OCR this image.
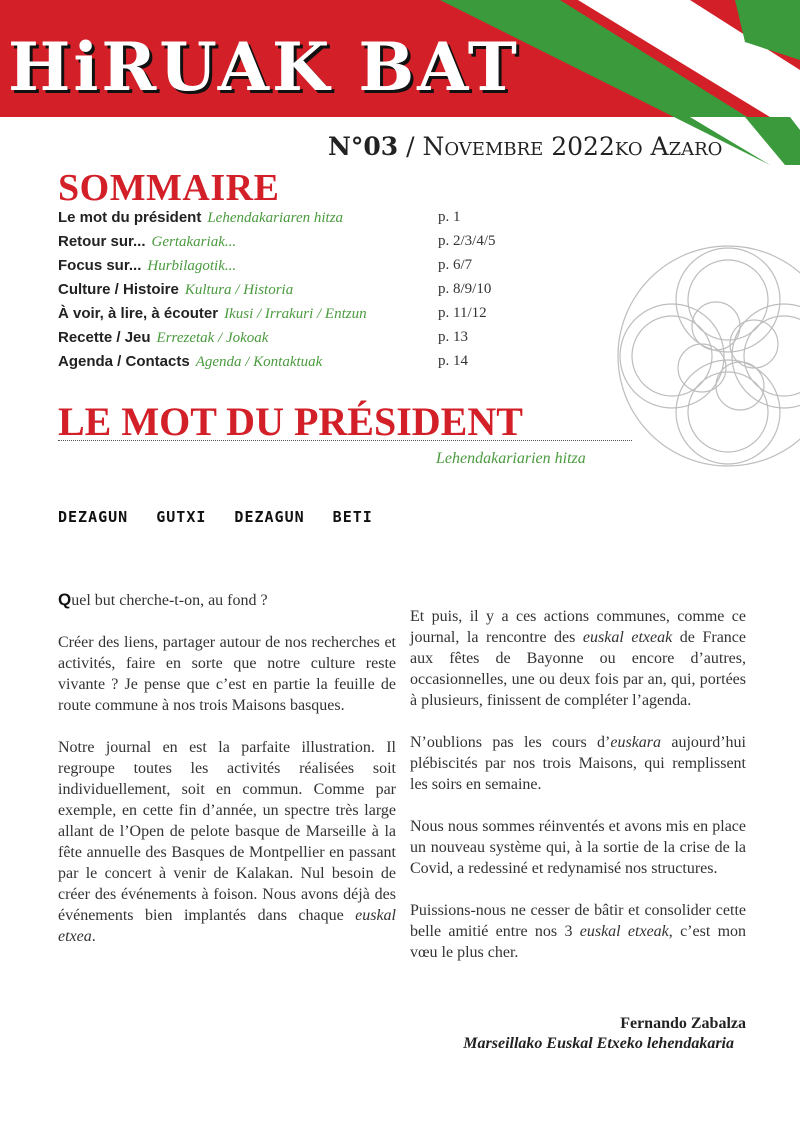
HiRUAK BAT
N°03 / Novembre 2022ko Azaro
SOMMAIRE
Le mot du président Lehendakariaren hitza	p. 1
Retour sur... Gertakariak...	p. 2/3/4/5
Focus sur... Hurbilagotik...	p. 6/7
Culture / Histoire Kultura / Historia	p. 8/9/10
À voir, à lire, à écouter Ikusi / Irrakuri / Entzun	p. 11/12
Recette / Jeu Errezetak / Jokoak	p. 13
Agenda / Contacts Agenda / Kontaktuak	p. 14
LE MOT DU PRÉSIDENT
Lehendakariarien hitza
DEZAGUN GUTXI DEZAGUN BETI

Quel but cherche-t-on, au fond ?

Créer des liens, partager autour de nos recherches et activités, faire en sorte que notre culture reste vivante ? Je pense que c’est en partie la feuille de route commune à nos trois Maisons basques.

Notre journal en est la parfaite illustration. Il regroupe toutes les activités réalisées soit individuellement, soit en commun. Comme par exemple, en cette fin d’année, un spectre très large allant de l’Open de pelote basque de Marseille à la fête annuelle des Basques de Montpellier en passant par le concert à venir de Kalakan. Nul besoin de créer des événements à foison. Nous avons déjà des événements bien implantés dans chaque euskal etxea.

Et puis, il y a ces actions communes, comme ce journal, la rencontre des euskal etxeak de France aux fêtes de Bayonne ou encore d’autres, occasionnelles, une ou deux fois par an, qui, portées à plusieurs, finissent de compléter l’agenda.

N’oublions pas les cours d’euskara aujourd’hui plébiscités par nos trois Maisons, qui remplissent les soirs en semaine.

Nous nous sommes réinventés et avons mis en place un nouveau système qui, à la sortie de la crise de la Covid, a redessiné et redynamisé nos structures.

Puissions-nous ne cesser de bâtir et consolider cette belle amitié entre nos 3 euskal etxeak, c’est mon vœu le plus cher.

Fernando Zabalza
Marseillako Euskal Etxeko lehendakaria
